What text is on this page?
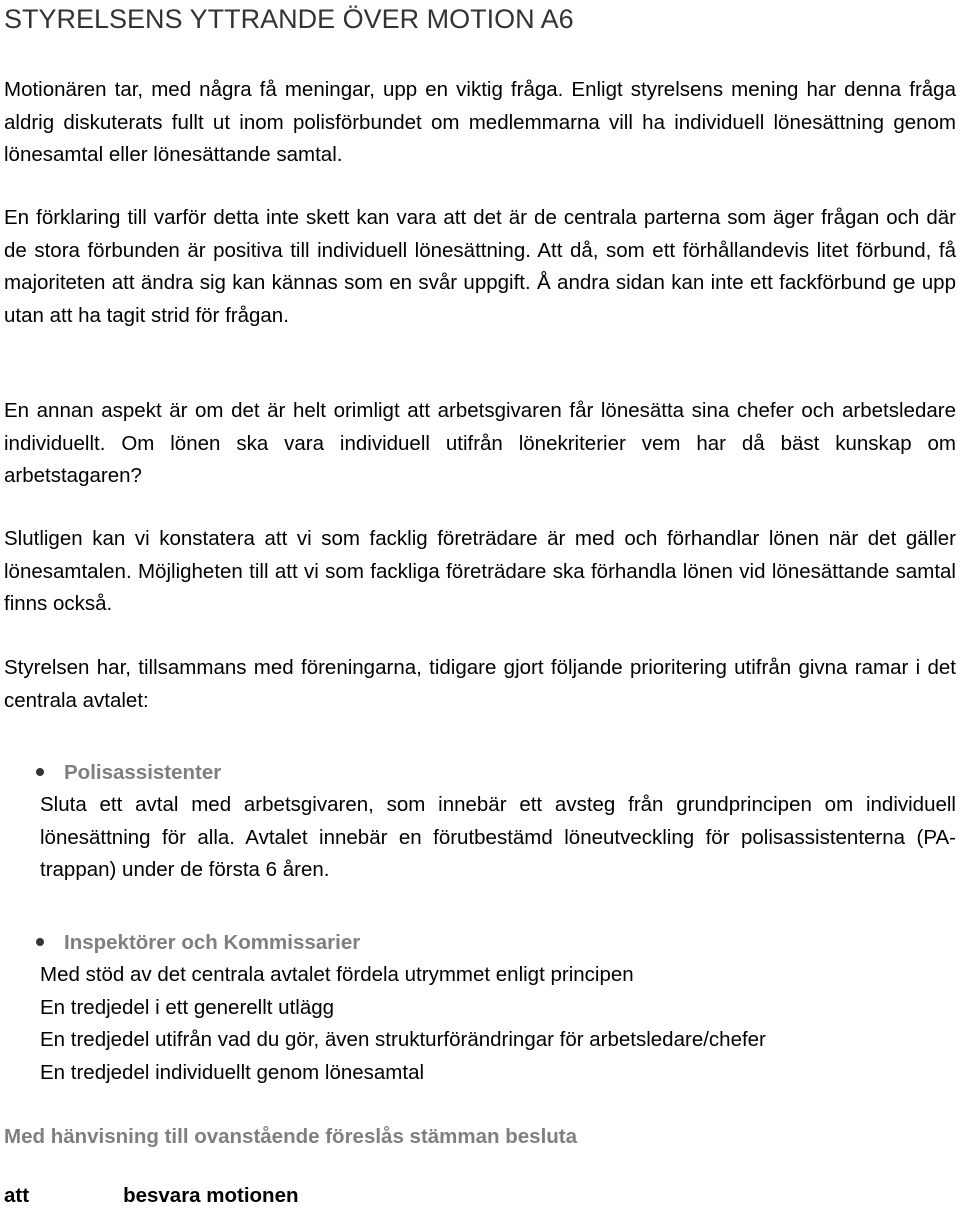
STYRELSENS YTTRANDE ÖVER MOTION A6

Motionären tar, med några få meningar, upp en viktig fråga. Enligt styrelsens mening har denna fråga aldrig diskuterats fullt ut inom polisförbundet om medlemmarna vill ha individuell lönesättning genom lönesamtal eller lönesättande samtal.

En förklaring till varför detta inte skett kan vara att det är de centrala parterna som äger frågan och där de stora förbunden är positiva till individuell lönesättning. Att då, som ett förhållandevis litet förbund, få majoriteten att ändra sig kan kännas som en svår uppgift. Å andra sidan kan inte ett fackförbund ge upp utan att ha tagit strid för frågan.

En annan aspekt är om det är helt orimligt att arbetsgivaren får lönesätta sina chefer och arbetsledare individuellt. Om lönen ska vara individuell utifrån lönekriterier vem har då bäst kunskap om arbetstagaren?

Slutligen kan vi konstatera att vi som facklig företrädare är med och förhandlar lönen när det gäller lönesamtalen. Möjligheten till att vi som fackliga företrädare ska förhandla lönen vid lönesättande samtal finns också.

Styrelsen har, tillsammans med föreningarna, tidigare gjort följande prioritering utifrån givna ramar i det centrala avtalet:

Polisassistenter

Sluta ett avtal med arbetsgivaren, som innebär ett avsteg från grundprincipen om individuell lönesättning för alla. Avtalet innebär en förutbestämd löneutveckling för polisassistenterna (PA-trappan) under de första 6 åren.

Inspektörer och Kommissarier
Med stöd av det centrala avtalet fördela utrymmet enligt principen
En tredjedel i ett generellt utlägg
En tredjedel utifrån vad du gör, även strukturförändringar för arbetsledare/chefer
En tredjedel individuellt genom lönesamtal
Med hänvisning till ovanstående föreslås stämman besluta
att	besvara motionen
